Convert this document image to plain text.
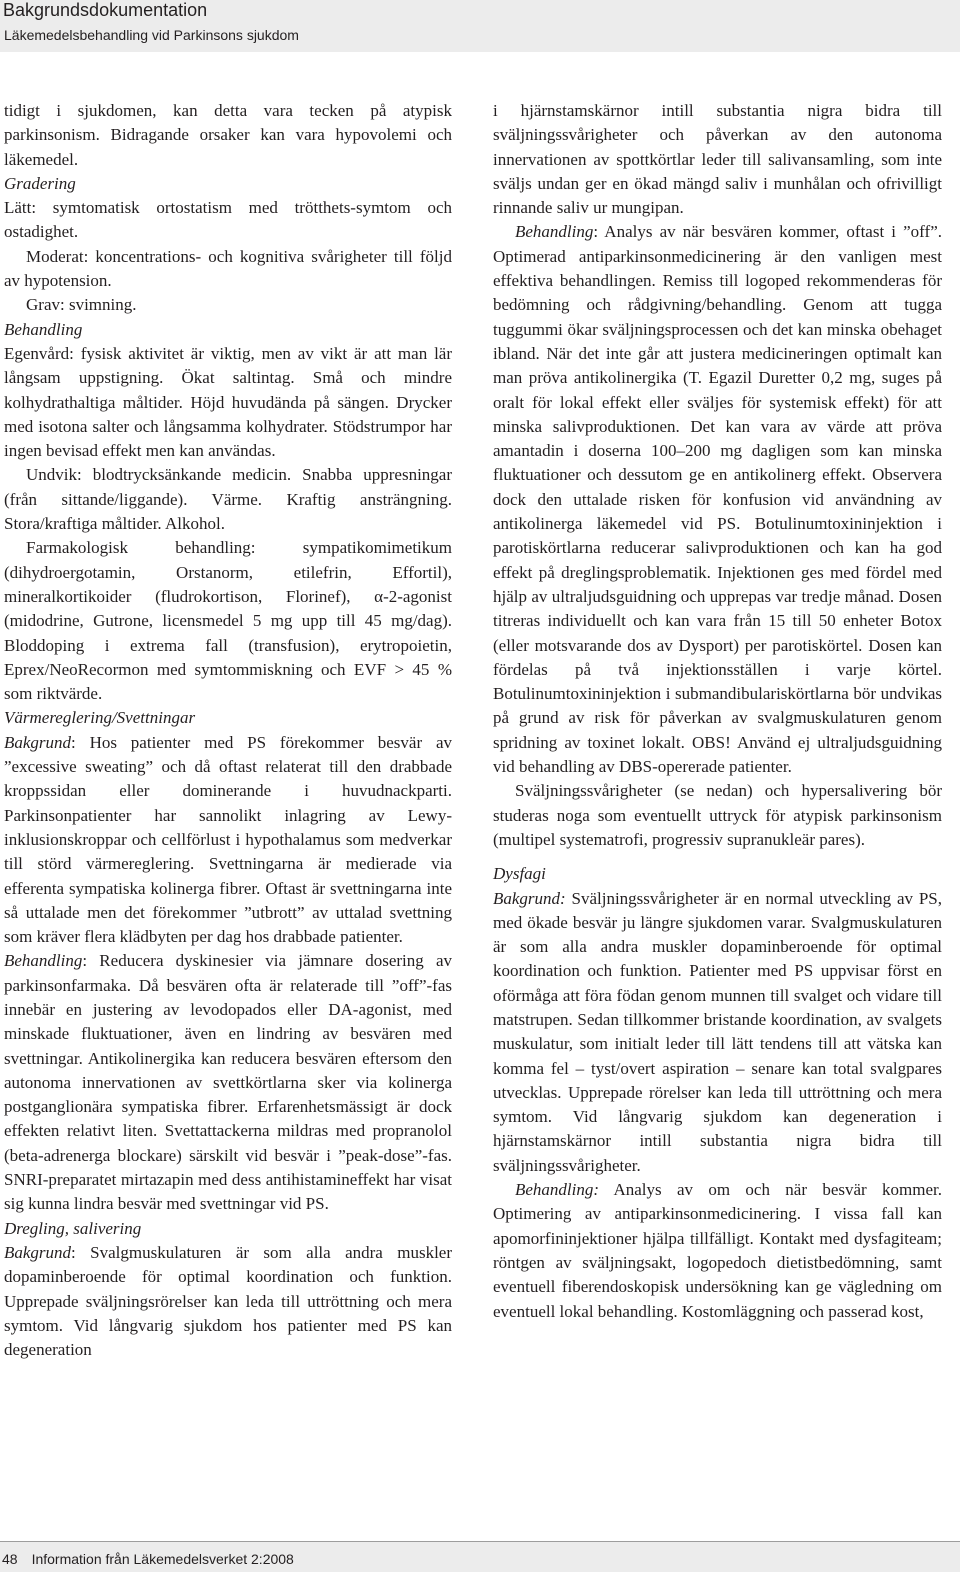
Bakgrundsdokumentation
Läkemedelsbehandling vid Parkinsons sjukdom

tidigt i sjukdomen, kan detta vara tecken på atypisk parkinsonism. Bidragande orsaker kan vara hypovolemi och läkemedel.

Gradering

Lätt: symtomatisk ortostatism med trötthets-symtom och ostadighet.

Moderat: koncentrations- och kognitiva svårigheter till följd av hypotension.

Grav: svimning.

Behandling

Egenvård: fysisk aktivitet är viktig, men av vikt är att man lär långsam uppstigning. Ökat saltintag. Små och mindre kolhydrathaltiga måltider. Höjd huvudända på sängen. Drycker med isotona salter och långsamma kolhydrater. Stödstrumpor har ingen bevisad effekt men kan användas.

Undvik: blodtrycksänkande medicin. Snabba uppresningar (från sittande/liggande). Värme. Kraftig ansträngning. Stora/kraftiga måltider. Alkohol.

Farmakologisk behandling: sympatikomimetikum (dihydroergotamin, Orstanorm, etilefrin, Effortil), mineralkortikoider (fludrokortison, Florinef), α-2-agonist (midodrine, Gutrone, licensmedel 5 mg upp till 45 mg/dag). Bloddoping i extrema fall (transfusion), erytropoietin, Eprex/NeoRecormon med symtommiskning och EVF > 45 % som riktvärde.

Värmereglering/Svettningar

Bakgrund: Hos patienter med PS förekommer besvär av ”excessive sweating” och då oftast relaterat till den drabbade kroppssidan eller dominerande i huvudnackparti. Parkinsonpatienter har sannolikt inlagring av Lewy-inklusionskroppar och cellförlust i hypothalamus som medverkar till störd värmereglering. Svettningarna är medierade via efferenta sympatiska kolinerga fibrer. Oftast är svettningarna inte så uttalade men det förekommer ”utbrott” av uttalad svettning som kräver flera klädbyten per dag hos drabbade patienter.

Behandling: Reducera dyskinesier via jämnare dosering av parkinsonfarmaka. Då besvären ofta är relaterade till ”off”-fas innebär en justering av levodopados eller DA-agonist, med minskade fluktuationer, även en lindring av besvären med svettningar. Antikolinergika kan reducera besvären eftersom den autonoma innervationen av svettkörtlarna sker via kolinerga postganglionära sympatiska fibrer. Erfarenhetsmässigt är dock effekten relativt liten. Svettattackerna mildras med propranolol (beta-adrenerga blockare) särskilt vid besvär i ”peak-dose”-fas. SNRI-preparatet mirtazapin med dess antihistamineffekt har visat sig kunna lindra besvär med svettningar vid PS.

Dregling, salivering

Bakgrund: Svalgmuskulaturen är som alla andra muskler dopaminberoende för optimal koordination och funktion. Upprepade sväljningsrörelser kan leda till uttröttning och mera symtom. Vid långvarig sjukdom hos patienter med PS kan degeneration

i hjärnstamskärnor intill substantia nigra bidra till sväljningssvårigheter och påverkan av den autonoma innervationen av spottkörtlar leder till salivansamling, som inte sväljs undan ger en ökad mängd saliv i munhålan och ofrivilligt rinnande saliv ur mungipan.

Behandling: Analys av när besvären kommer, oftast i ”off”. Optimerad antiparkinsonmedicinering är den vanligen mest effektiva behandlingen. Remiss till logoped rekommenderas för bedömning och rådgivning/behandling. Genom att tugga tuggummi ökar sväljningsprocessen och det kan minska obehaget ibland. När det inte går att justera medicineringen optimalt kan man pröva antikolinergika (T. Egazil Duretter 0,2 mg, suges på oralt för lokal effekt eller sväljes för systemisk effekt) för att minska salivproduktionen. Det kan vara av värde att pröva amantadin i doserna 100–200 mg dagligen som kan minska fluktuationer och dessutom ge en antikolinerg effekt. Observera dock den uttalade risken för konfusion vid användning av antikolinerga läkemedel vid PS. Botulinumtoxininjektion i parotiskörtlarna reducerar salivproduktionen och kan ha god effekt på dreglingsproblematik. Injektionen ges med fördel med hjälp av ultraljudsguidning och upprepas var tredje månad. Dosen titreras individuellt och kan vara från 15 till 50 enheter Botox (eller motsvarande dos av Dysport) per parotiskörtel. Dosen kan fördelas på två injektionsställen i varje körtel. Botulinumtoxininjektion i submandibulariskörtlarna bör undvikas på grund av risk för påverkan av svalgmuskulaturen genom spridning av toxinet lokalt. OBS! Använd ej ultraljudsguidning vid behandling av DBS-opererade patienter.

Sväljningssvårigheter (se nedan) och hypersalivering bör studeras noga som eventuellt uttryck för atypisk parkinsonism (multipel systematrofi, progressiv supranukleär pares).

Dysfagi

Bakgrund: Sväljningssvårigheter är en normal utveckling av PS, med ökade besvär ju längre sjukdomen varar. Svalgmuskulaturen är som alla andra muskler dopaminberoende för optimal koordination och funktion. Patienter med PS uppvisar först en oförmåga att föra födan genom munnen till svalget och vidare till matstrupen. Sedan tillkommer bristande koordination, av svalgets muskulatur, som initialt leder till lätt tendens till att vätska kan komma fel – tyst/overt aspiration – senare kan total svalgpares utvecklas. Upprepade rörelser kan leda till uttröttning och mera symtom. Vid långvarig sjukdom kan degeneration i hjärnstamskärnor intill substantia nigra bidra till sväljningssvårigheter.

Behandling: Analys av om och när besvär kommer. Optimering av antiparkinsonmedicinering. I vissa fall kan apomorfininjektioner hjälpa tillfälligt. Kontakt med dysfagiteam; röntgen av sväljningsakt, logopedoch dietistbedömning, samt eventuell fiberendoskopisk undersökning kan ge vägledning om eventuell lokal behandling. Kostomläggning och passerad kost,

48 Information från Läkemedelsverket 2:2008
